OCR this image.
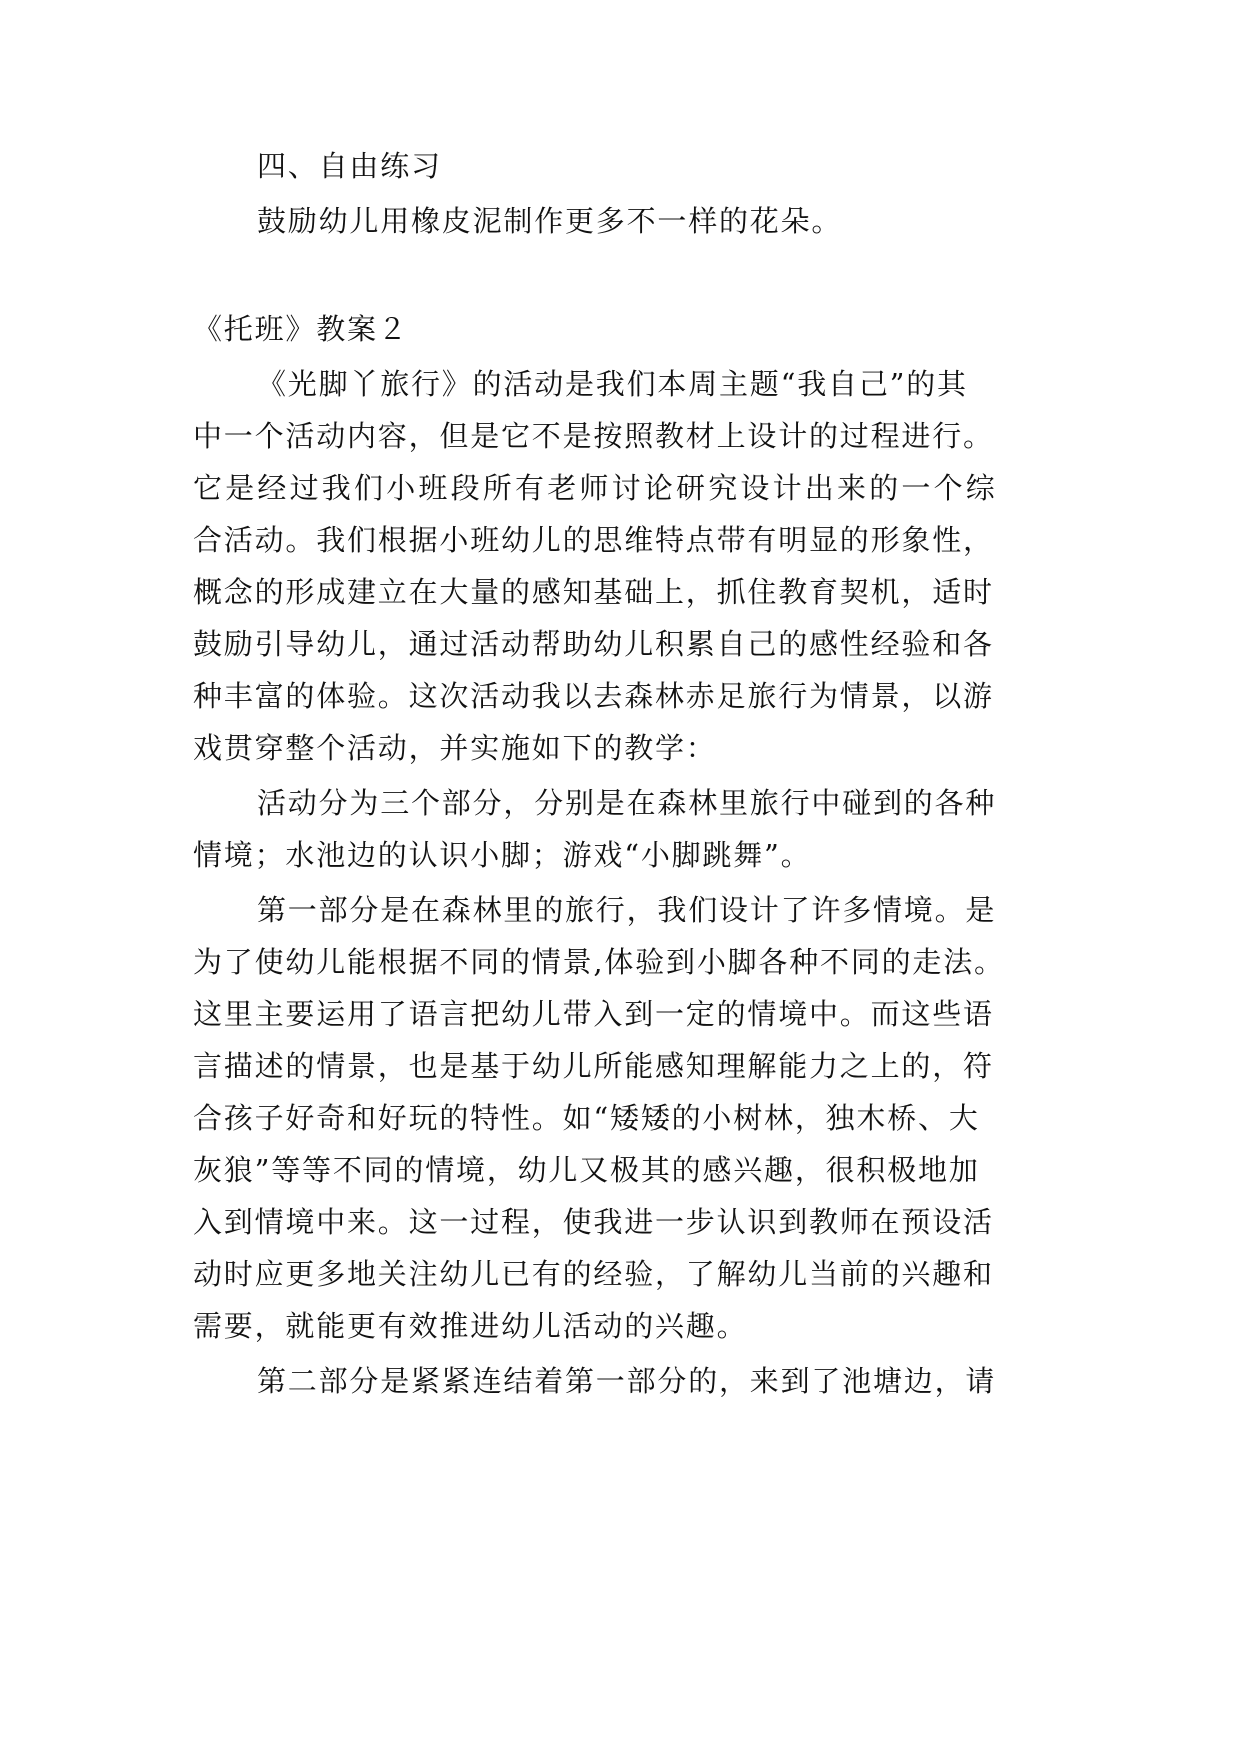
四、自由练习

鼓励幼儿用橡皮泥制作更多不一样的花朵。

《托班》教案２

《光脚丫旅行》的活动是我们本周主题“我自己”的其

中一个活动内容，但是它不是按照教材上设计的过程进行。

它是经过我们小班段所有老师讨论研究设计出来的一个综

合活动。我们根据小班幼儿的思维特点带有明显的形象性，

概念的形成建立在大量的感知基础上，抓住教育契机，适时

鼓励引导幼儿，通过活动帮助幼儿积累自己的感性经验和各

种丰富的体验。这次活动我以去森林赤足旅行为情景，以游

戏贯穿整个活动，并实施如下的教学：

活动分为三个部分，分别是在森林里旅行中碰到的各种

情境；水池边的认识小脚；游戏“小脚跳舞”。

第一部分是在森林里的旅行，我们设计了许多情境。是

为了使幼儿能根据不同的情景,体验到小脚各种不同的走法。

这里主要运用了语言把幼儿带入到一定的情境中。而这些语

言描述的情景，也是基于幼儿所能感知理解能力之上的，符

合孩子好奇和好玩的特性。如“矮矮的小树林，独木桥、大

灰狼”等等不同的情境，幼儿又极其的感兴趣，很积极地加

入到情境中来。这一过程，使我进一步认识到教师在预设活

动时应更多地关注幼儿已有的经验，了解幼儿当前的兴趣和

需要，就能更有效推进幼儿活动的兴趣。

第二部分是紧紧连结着第一部分的，来到了池塘边，请
